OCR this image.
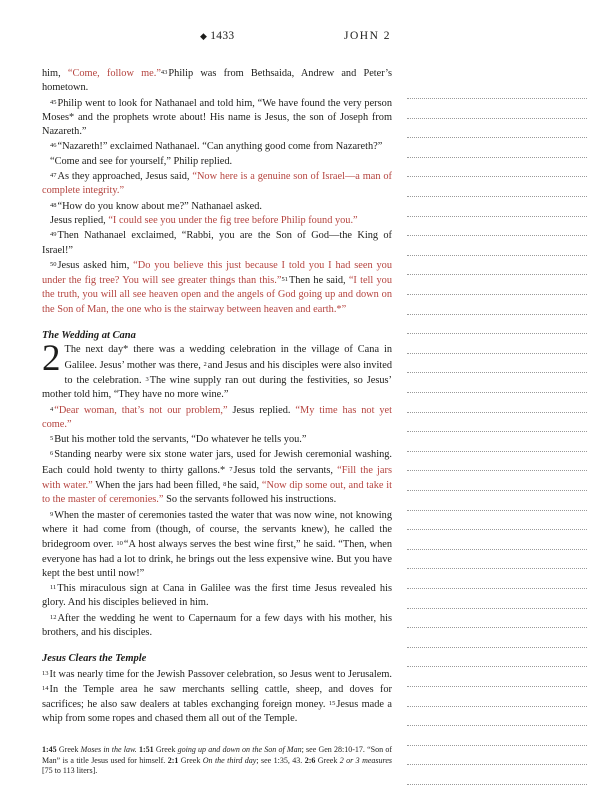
◆ 1433	JOHN 2

him, “Come, follow me.”43Philip was from Bethsaida, Andrew and Peter’s hometown.

45Philip went to look for Nathanael and told him, “We have found the very person Moses* and the prophets wrote about! His name is Jesus, the son of Joseph from Nazareth.”

46“Nazareth!” exclaimed Nathanael. “Can anything good come from Nazareth?”

“Come and see for yourself,” Philip replied.

47As they approached, Jesus said, “Now here is a genuine son of Israel—a man of complete integrity.”

48“How do you know about me?” Nathanael asked.

Jesus replied, “I could see you under the fig tree before Philip found you.”

49Then Nathanael exclaimed, “Rabbi, you are the Son of God—the King of Israel!”

50Jesus asked him, “Do you believe this just because I told you I had seen you under the fig tree? You will see greater things than this.”51Then he said, “I tell you the truth, you will all see heaven open and the angels of God going up and down on the Son of Man, the one who is the stairway between heaven and earth.*”

The Wedding at Cana

2 The next day* there was a wedding celebration in the village of Cana in Galilee. Jesus’ mother was there, 2and Jesus and his disciples were also invited to the celebration. 3The wine supply ran out during the festivities, so Jesus’ mother told him, “They have no more wine.”

4“Dear woman, that’s not our problem,” Jesus replied. “My time has not yet come.”

5But his mother told the servants, “Do whatever he tells you.”

6Standing nearby were six stone water jars, used for Jewish ceremonial washing. Each could hold twenty to thirty gallons.* 7Jesus told the servants, “Fill the jars with water.” When the jars had been filled, 8he said, “Now dip some out, and take it to the master of ceremonies.” So the servants followed his instructions.

9When the master of ceremonies tasted the water that was now wine, not knowing where it had come from (though, of course, the servants knew), he called the bridegroom over. 10“A host always serves the best wine first,” he said. “Then, when everyone has had a lot to drink, he brings out the less expensive wine. But you have kept the best until now!”

11This miraculous sign at Cana in Galilee was the first time Jesus revealed his glory. And his disciples believed in him.

12After the wedding he went to Capernaum for a few days with his mother, his brothers, and his disciples.

Jesus Clears the Temple

13It was nearly time for the Jewish Passover celebration, so Jesus went to Jerusalem. 14In the Temple area he saw merchants selling cattle, sheep, and doves for sacrifices; he also saw dealers at tables exchanging foreign money. 15Jesus made a whip from some ropes and chased them all out of the Temple.

1:45 Greek Moses in the law. 1:51 Greek going up and down on the Son of Man; see Gen 28:10-17. “Son of Man” is a title Jesus used for himself. 2:1 Greek On the third day; see 1:35, 43. 2:6 Greek 2 or 3 measures [75 to 113 liters].
